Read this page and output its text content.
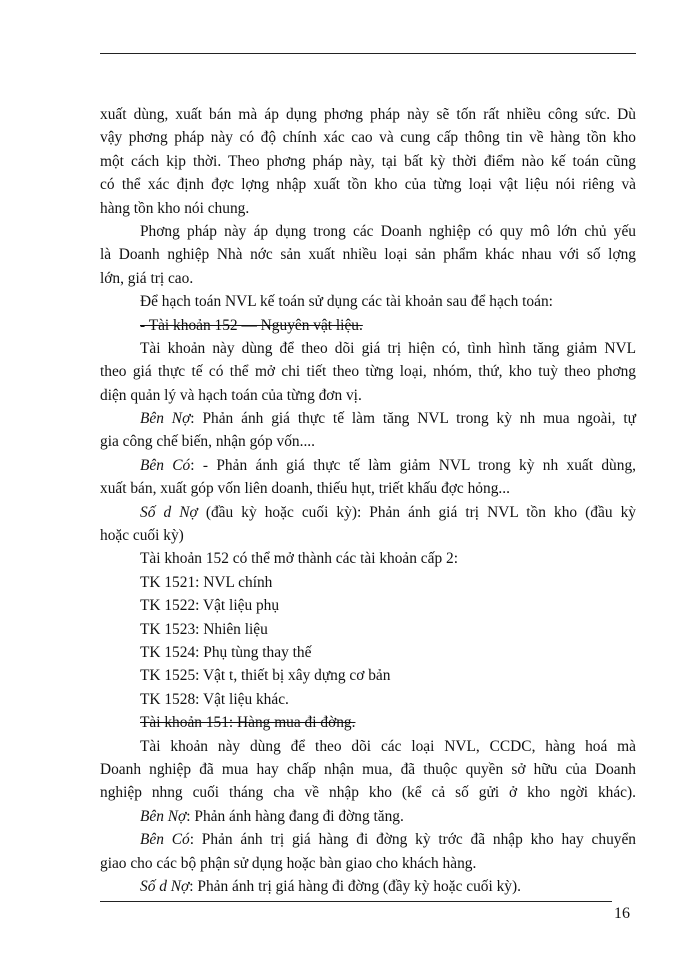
xuất dùng, xuất bán mà áp dụng phơng pháp này sẽ tốn rất nhiều công sức. Dù
vậy phơng pháp này có độ chính xác cao và cung cấp thông tin về hàng tồn kho
một cách kịp thời. Theo phơng pháp này, tại bất kỳ thời điểm nào kế toán cũng
có thể xác định đợc lợng nhập xuất tồn kho của từng loại vật liệu nói riêng và
hàng tồn kho nói chung.
Phơng pháp này áp dụng trong các Doanh nghiệp có quy mô lớn chủ yếu
là Doanh nghiệp Nhà nớc sản xuất nhiều loại sản phẩm khác nhau với số lợng
lớn, giá trị cao.
Để hạch toán NVL kế toán sử dụng các tài khoản sau để hạch toán:
- Tài khoản 152 — Nguyên vật liệu.
Tài khoản này dùng để theo dõi giá trị hiện có, tình hình tăng giảm NVL
theo giá thực tế có thể mở chi tiết theo từng loại, nhóm, thứ, kho tuỳ theo phơng
diện quản lý và hạch toán của từng đơn vị.
Bên Nợ: Phản ánh giá thực tế làm tăng NVL trong kỳ nh mua ngoài, tự
gia công chế biến, nhận góp vốn....
Bên Có: - Phản ánh giá thực tế làm giảm NVL trong kỳ nh xuất dùng,
xuất bán, xuất góp vốn liên doanh, thiếu hụt, triết khấu đợc hỏng...
Số d Nợ (đầu kỳ hoặc cuối kỳ): Phản ánh giá trị NVL tồn kho (đầu kỳ
hoặc cuối kỳ)
Tài khoản 152 có thể mở thành các tài khoản cấp 2:
TK 1521: NVL chính
TK 1522: Vật liệu phụ
TK 1523: Nhiên liệu
TK 1524: Phụ tùng thay thế
TK 1525: Vật t, thiết bị xây dựng cơ bản
TK 1528: Vật liệu khác.
Tài khoản 151: Hàng mua đi đờng.
Tài khoản này dùng để theo dõi các loại NVL, CCDC, hàng hoá mà
Doanh nghiệp đã mua hay chấp nhận mua, đã thuộc quyền sở hữu của Doanh
nghiệp nhng cuối tháng cha về nhập kho (kể cả số gửi ở kho ngời khác).
Bên Nợ: Phản ánh hàng đang đi đờng tăng.
Bên Có: Phản ánh trị giá hàng đi đờng kỳ trớc đã nhập kho hay chuyển
giao cho các bộ phận sử dụng hoặc bàn giao cho khách hàng.
Số d Nợ: Phản ánh trị giá hàng đi đờng (đầy kỳ hoặc cuối kỳ).
16
